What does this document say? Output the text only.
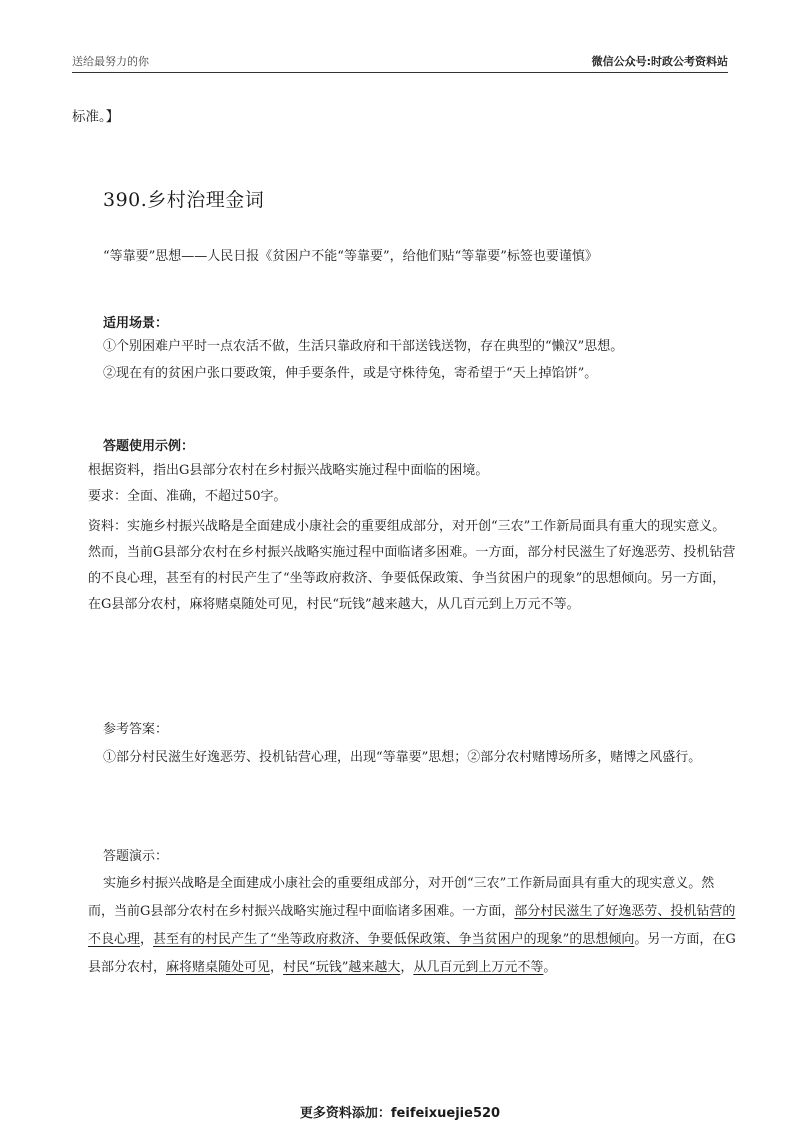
送给最努力的你	微信公众号:时政公考资料站
标准。】
390.乡村治理金词
“等靠要”思想——人民日报《贫困户不能“等靠要”，给他们贴“等靠要”标签也要谨慎》
适用场景：

①个别困难户平时一点农活不做，生活只靠政府和干部送钱送物，存在典型的“懒汉”思想。

②现在有的贫困户张口要政策，伸手要条件，或是守株待兔，寄希望于“天上掉馅饼”。

答题使用示例：

根据资料，指出G县部分农村在乡村振兴战略实施过程中面临的困境。

要求：全面、准确，不超过50字。

资料：实施乡村振兴战略是全面建成小康社会的重要组成部分，对开创“三农”工作新局面具有重大的现实意义。然而，当前G县部分农村在乡村振兴战略实施过程中面临诸多困难。一方面，部分村民滋生了好逸恶劳、投机钻营的不良心理，甚至有的村民产生了“坐等政府救济、争要低保政策、争当贫困户的现象”的思想倾向。另一方面，在G县部分农村，麻将赌桌随处可见，村民“玩钱”越来越大，从几百元到上万元不等。

参考答案：
①部分村民滋生好逸恶劳、投机钻营心理，出现“等靠要”思想；②部分农村赌博场所多，赌博之风盛行。
答题演示：
实施乡村振兴战略是全面建成小康社会的重要组成部分，对开创“三农”工作新局面具有重大的现实意义。然而，当前G县部分农村在乡村振兴战略实施过程中面临诸多困难。一方面，部分村民滋生了好逸恶劳、投机钻营的不良心理，甚至有的村民产生了“坐等政府救济、争要低保政策、争当贫困户的现象”的思想倾向。另一方面，在G县部分农村，麻将赌桌随处可见，村民“玩钱”越来越大，从几百元到上万元不等。
更多资料添加：feifeixuejie520
